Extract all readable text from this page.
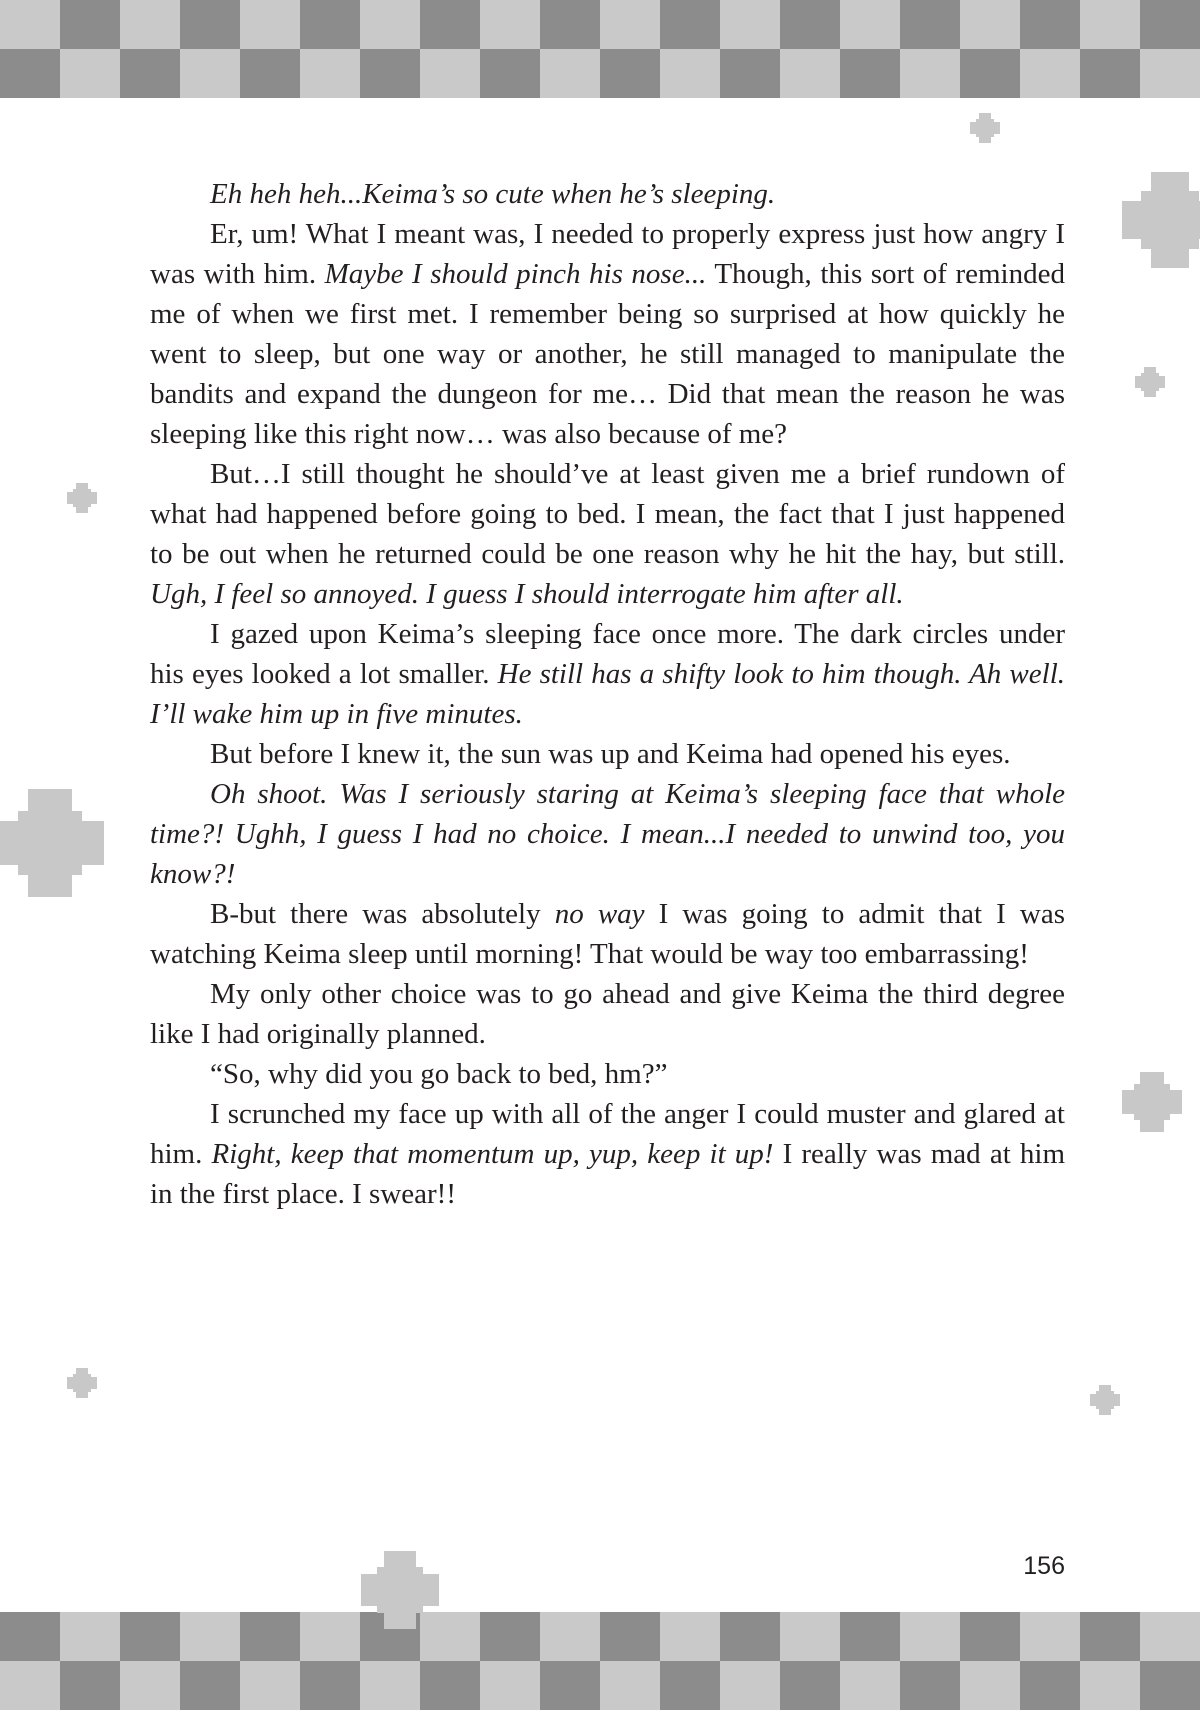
Eh heh heh...Keima’s so cute when he’s sleeping.

Er, um! What I meant was, I needed to properly express just how angry I was with him. Maybe I should pinch his nose... Though, this sort of reminded me of when we first met. I remember being so surprised at how quickly he went to sleep, but one way or another, he still managed to manipulate the bandits and expand the dungeon for me… Did that mean the reason he was sleeping like this right now… was also because of me?

But…I still thought he should’ve at least given me a brief rundown of what had happened before going to bed. I mean, the fact that I just happened to be out when he returned could be one reason why he hit the hay, but still. Ugh, I feel so annoyed. I guess I should interrogate him after all.

I gazed upon Keima’s sleeping face once more. The dark circles under his eyes looked a lot smaller. He still has a shifty look to him though. Ah well. I’ll wake him up in five minutes.

But before I knew it, the sun was up and Keima had opened his eyes.

Oh shoot. Was I seriously staring at Keima’s sleeping face that whole time?! Ughh, I guess I had no choice. I mean...I needed to unwind too, you know?!

B-but there was absolutely no way I was going to admit that I was watching Keima sleep until morning! That would be way too embarrassing!

My only other choice was to go ahead and give Keima the third degree like I had originally planned.

“So, why did you go back to bed, hm?”

I scrunched my face up with all of the anger I could muster and glared at him. Right, keep that momentum up, yup, keep it up! I really was mad at him in the first place. I swear!!

156
